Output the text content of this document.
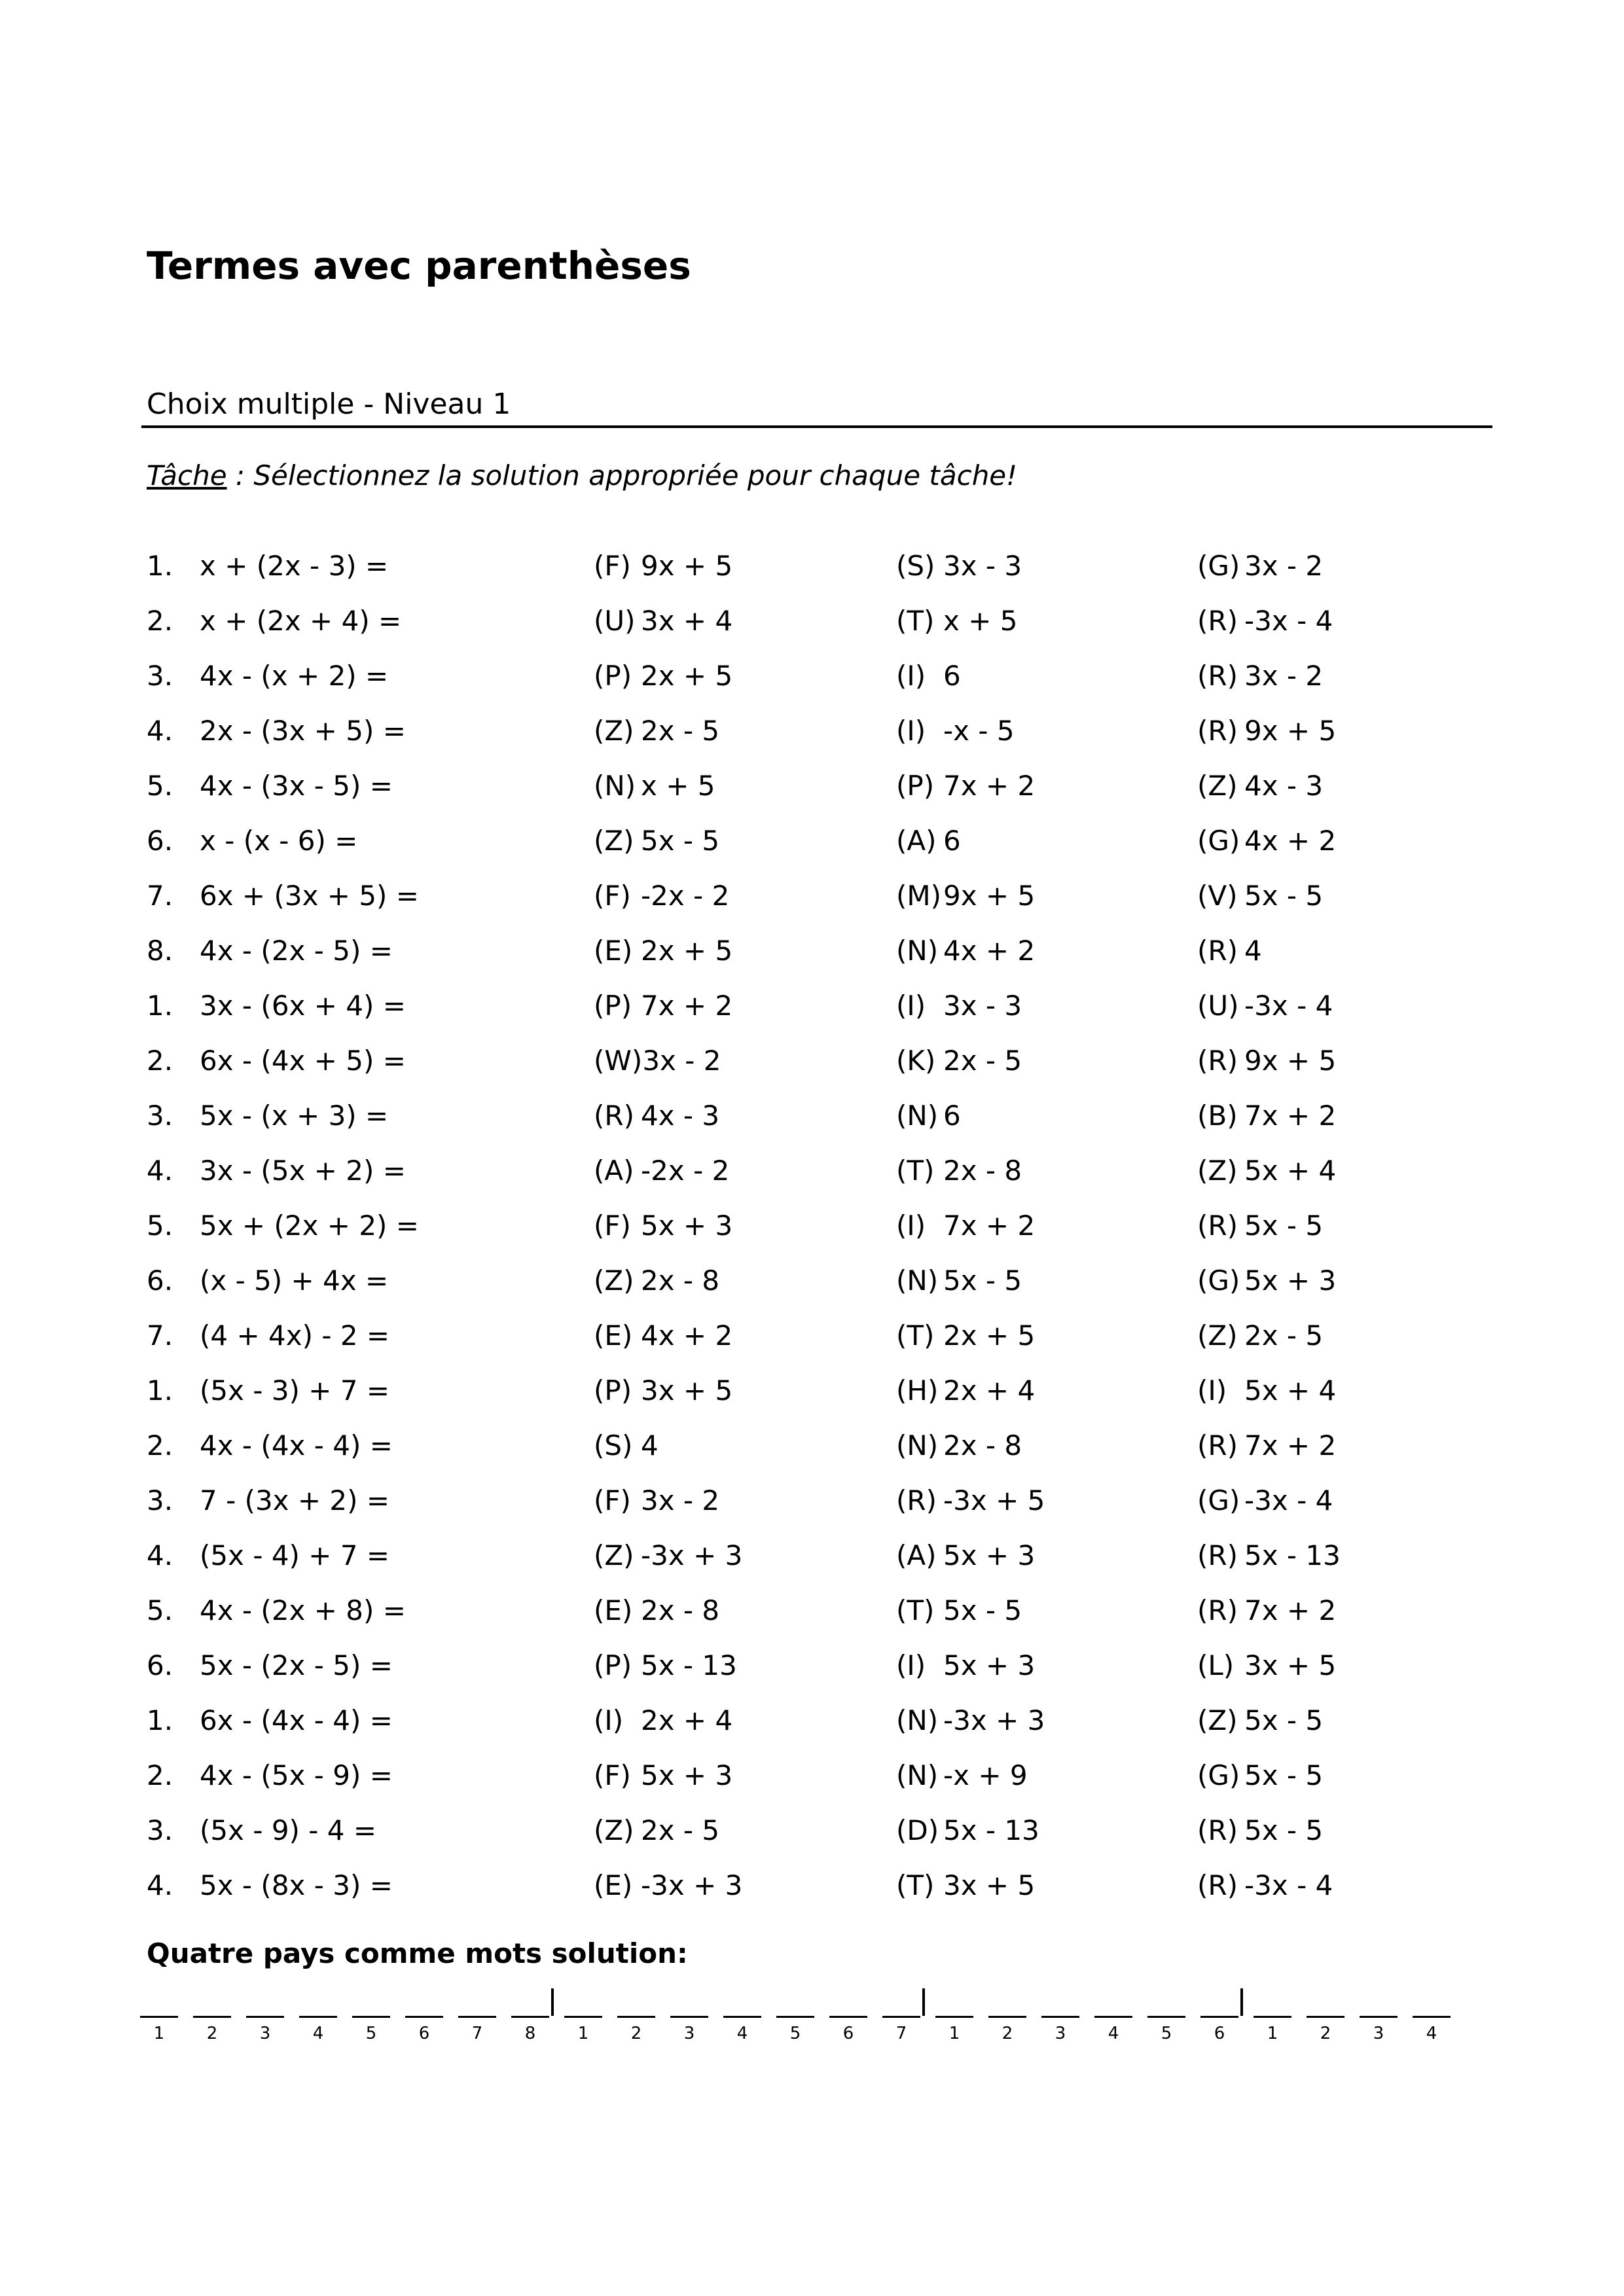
Termes avec parenthèses
Choix multiple - Niveau 1
Tâche : Sélectionnez la solution appropriée pour chaque tâche!
1. x + (2x - 3) =	(F) 9x + 5	(S) 3x - 3	(G) 3x - 2
2. x + (2x + 4) =	(U) 3x + 4	(T) x + 5	(R) -3x - 4
3. 4x - (x + 2) =	(P) 2x + 5	(I) 6	(R) 3x - 2
4. 2x - (3x + 5) =	(Z) 2x - 5	(I) -x - 5	(R) 9x + 5
5. 4x - (3x - 5) =	(N) x + 5	(P) 7x + 2	(Z) 4x - 3
6. x - (x - 6) =	(Z) 5x - 5	(A) 6	(G) 4x + 2
7. 6x + (3x + 5) =	(F) -2x - 2	(M)9x + 5	(V) 5x - 5
8. 4x - (2x - 5) =	(E) 2x + 5	(N) 4x + 2	(R) 4
1. 3x - (6x + 4) =	(P) 7x + 2	(I) 3x - 3	(U) -3x - 4
2. 6x - (4x + 5) =	(W)3x - 2	(K) 2x - 5	(R) 9x + 5
3. 5x - (x + 3) =	(R) 4x - 3	(N) 6	(B) 7x + 2
4. 3x - (5x + 2) =	(A) -2x - 2	(T) 2x - 8	(Z) 5x + 4
5. 5x + (2x + 2) =	(F) 5x + 3	(I) 7x + 2	(R) 5x - 5
6. (x - 5) + 4x =	(Z) 2x - 8	(N) 5x - 5	(G) 5x + 3
7. (4 + 4x) - 2 =	(E) 4x + 2	(T) 2x + 5	(Z) 2x - 5
1. (5x - 3) + 7 =	(P) 3x + 5	(H) 2x + 4	(I) 5x + 4
2. 4x - (4x - 4) =	(S) 4	(N) 2x - 8	(R) 7x + 2
3. 7 - (3x + 2) =	(F) 3x - 2	(R) -3x + 5	(G) -3x - 4
4. (5x - 4) + 7 =	(Z) -3x + 3	(A) 5x + 3	(R) 5x - 13
5. 4x - (2x + 8) =	(E) 2x - 8	(T) 5x - 5	(R) 7x + 2
6. 5x - (2x - 5) =	(P) 5x - 13	(I) 5x + 3	(L) 3x + 5
1. 6x - (4x - 4) =	(I) 2x + 4	(N) -3x + 3	(Z) 5x - 5
2. 4x - (5x - 9) =	(F) 5x + 3	(N) -x + 9	(G) 5x - 5
3. (5x - 9) - 4 =	(Z) 2x - 5	(D) 5x - 13	(R) 5x - 5
4. 5x - (8x - 3) =	(E) -3x + 3	(T) 3x + 5	(R) -3x - 4
Quatre pays comme mots solution:
1	2	3	4	5	6	7	8	1	2	3	4	5	6	7	1	2	3	4	5	6	1	2	3	4
